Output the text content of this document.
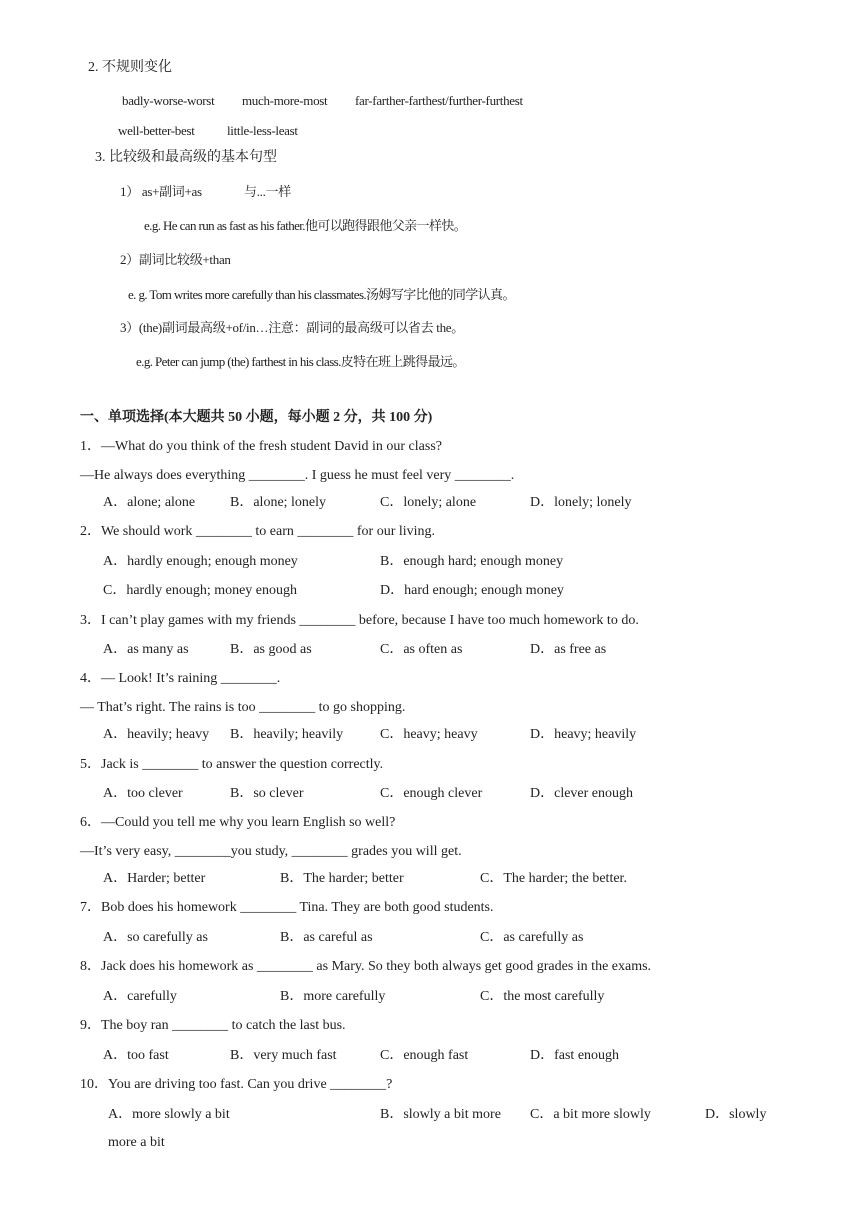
2. 不规则变化
badly-worse-worst much-more-most far-farther-farthest/further-furthest
well-better-best little-less-least
3. 比较级和最高级的基本句型
1） as+副词+as	与...一样
e.g. He can run as fast as his father.他可以跑得跟他父亲一样快。
2）副词比较级+than
e. g. Tom writes more carefully than his classmates.汤姆写字比他的同学认真。
3）(the)副词最高级+of/in…注意：副词的最高级可以省去 the。
e.g. Peter can jump (the) farthest in his class.皮特在班上跳得最远。
一、单项选择(本大题共 50 小题，每小题 2 分，共 100 分)
1．—What do you think of the fresh student David in our class?
—He always does everything ________. I guess he must feel very ________.
A．alone; alone B．alone; lonely	C．lonely; alone	D．lonely; lonely
2．We should work ________ to earn ________ for our living.
A．hardly enough; enough money	B．enough hard; enough money
C．hardly enough; money enough	D．hard enough; enough money
3．I can’t play games with my friends ________ before, because I have too much homework to do.
A．as many as	B．as good as	C．as often as	D．as free as
4．— Look! It’s raining ________.
— That’s right. The rains is too ________ to go shopping.
A．heavily; heavy B．heavily; heavily	C．heavy; heavy	D．heavy; heavily
5．Jack is ________ to answer the question correctly.
A．too clever	B．so clever	C．enough clever	D．clever enough
6．—Could you tell me why you learn English so well?
—It’s very easy, ________you study, ________ grades you will get.
A．Harder; better	B．The harder; better	C．The harder; the better.
7．Bob does his homework ________ Tina. They are both good students.
A．so carefully as	B．as careful as	C．as carefully as
8．Jack does his homework as ________ as Mary. So they both always get good grades in the exams.
A．carefully	B．more carefully	C．the most carefully
9．The boy ran ________ to catch the last bus.
A．too fast	B．very much fast	C．enough fast	D．fast enough
10．You are driving too fast. Can you drive ________?
A．more slowly a bit	B．slowly a bit more C．a bit more slowly	D．slowly
more a bit
